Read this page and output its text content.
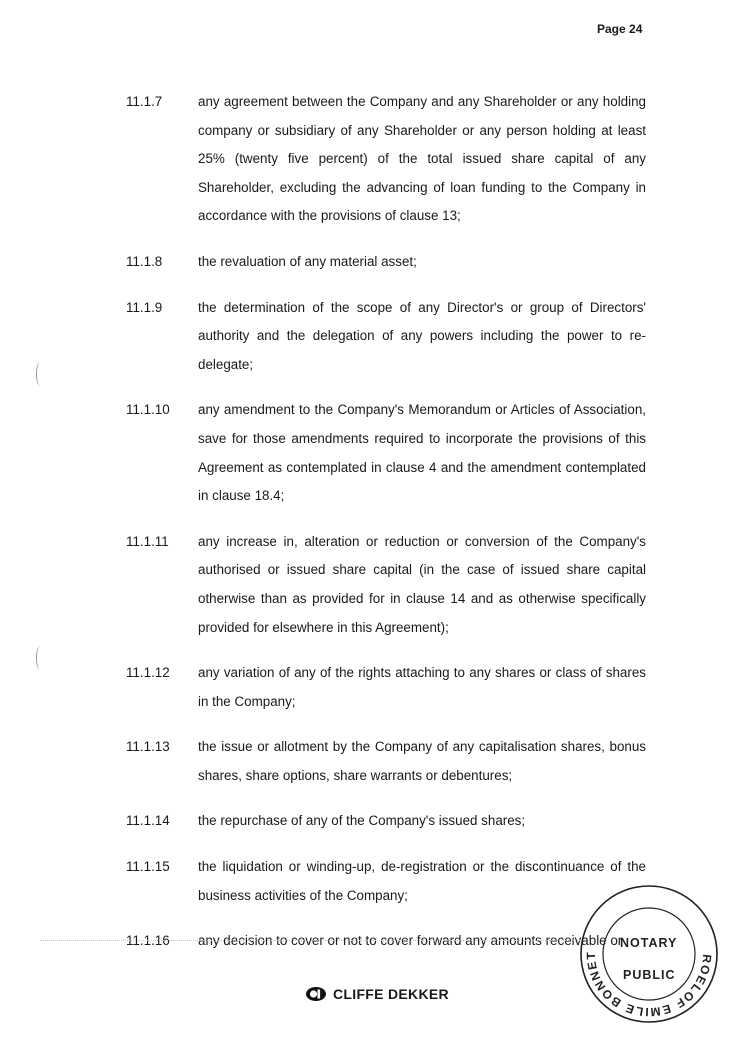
Page 24
11.1.7	any agreement between the Company and any Shareholder or any holding company or subsidiary of any Shareholder or any person holding at least 25% (twenty five percent) of the total issued share capital of any Shareholder, excluding the advancing of loan funding to the Company in accordance with the provisions of clause 13;
11.1.8	the revaluation of any material asset;
11.1.9	the determination of the scope of any Director's or group of Directors' authority and the delegation of any powers including the power to re-delegate;
11.1.10	any amendment to the Company's Memorandum or Articles of Association, save for those amendments required to incorporate the provisions of this Agreement as contemplated in clause 4 and the amendment contemplated in clause 18.4;
11.1.11	any increase in, alteration or reduction or conversion of the Company's authorised or issued share capital (in the case of issued share capital otherwise than as provided for in clause 14 and as otherwise specifically provided for elsewhere in this Agreement);
11.1.12	any variation of any of the rights attaching to any shares or class of shares in the Company;
11.1.13	the issue or allotment by the Company of any capitalisation shares, bonus shares, share options, share warrants or debentures;
11.1.14	the repurchase of any of the Company's issued shares;
11.1.15	the liquidation or winding-up, de-registration or the discontinuance of the business activities of the Company;
11.1.16	any decision to cover or not to cover forward any amounts receivable or
CLIFFE DEKKER
ROELOF EMILE BONNET
NOTARY
PUBLIC
